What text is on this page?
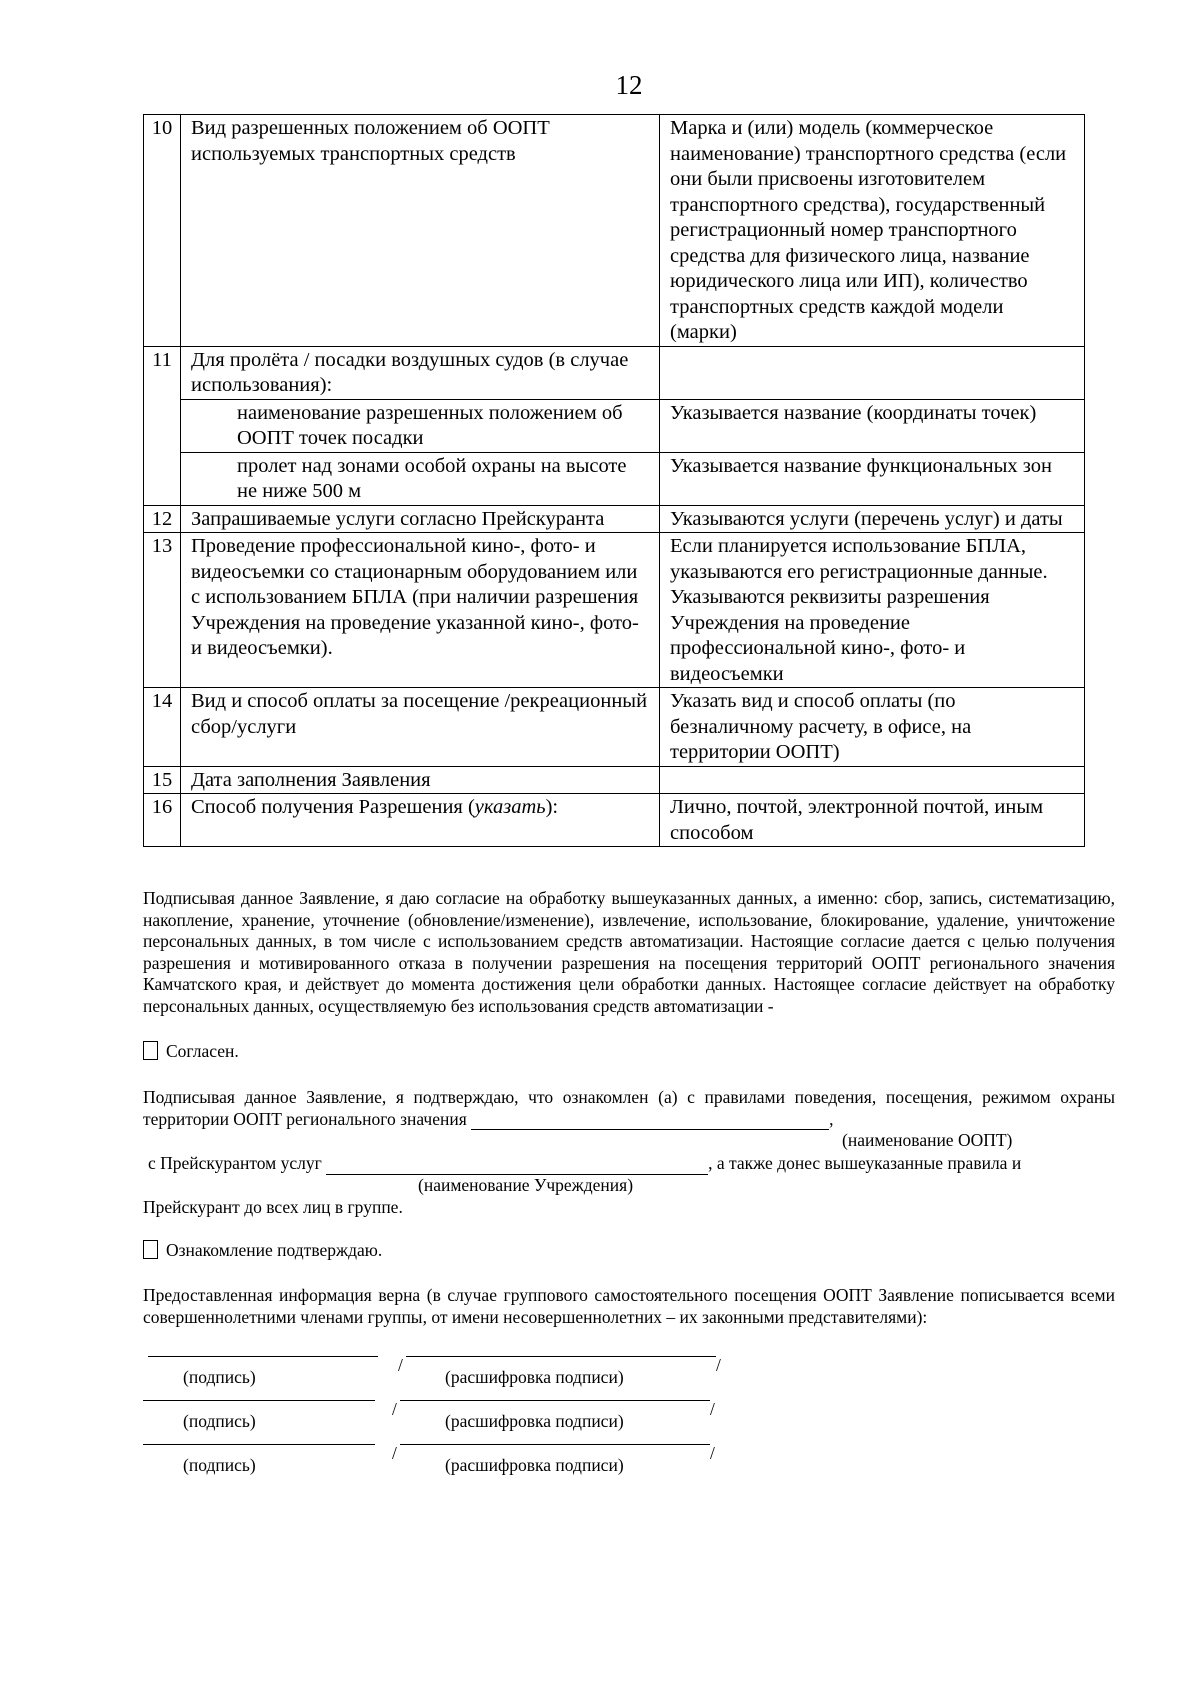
12
10	Вид разрешенных положением об ООПТ используемых транспортных средств	Марка и (или) модель (коммерческое наименование) транспортного средства (если они были присвоены изготовителем транспортного средства), государственный регистрационный номер транспортного средства для физического лица, название юридического лица или ИП), количество транспортных средств каждой модели (марки)
11	Для пролёта / посадки воздушных судов (в случае использования):	
	наименование разрешенных положением об ООПТ точек посадки	Указывается название (координаты точек)
	пролет над зонами особой охраны на высоте не ниже 500 м	Указывается название функциональных зон
12	Запрашиваемые услуги согласно Прейскуранта	Указываются услуги (перечень услуг) и даты
13	Проведение профессиональной кино-, фото- и видеосъемки со стационарным оборудованием или с использованием БПЛА (при наличии разрешения Учреждения на проведение указанной кино-, фото- и видеосъемки).	Если планируется использование БПЛА, указываются его регистрационные данные. Указываются реквизиты разрешения Учреждения на проведение профессиональной кино-, фото- и видеосъемки
14	Вид и способ оплаты за посещение /рекреационный сбор/услуги	Указать вид и способ оплаты (по безналичному расчету, в офисе, на территории ООПТ)
15	Дата заполнения Заявления	
16	Способ получения Разрешения (указать):	Лично, почтой, электронной почтой, иным способом
Подписывая данное Заявление, я даю согласие на обработку вышеуказанных данных, а именно: сбор, запись, систематизацию, накопление, хранение, уточнение (обновление/изменение), извлечение, использование, блокирование, удаление, уничтожение персональных данных, в том числе с использованием средств автоматизации. Настоящие согласие дается с целью получения разрешения и мотивированного отказа в получении разрешения на посещения территорий ООПТ регионального значения Камчатского края, и действует до момента достижения цели обработки данных. Настоящее согласие действует на обработку персональных данных, осуществляемую без использования средств автоматизации -
Согласен.
Подписывая данное Заявление, я подтверждаю, что ознакомлен (а) с правилами поведения, посещения, режимом охраны территории ООПТ регионального значения	,
(наименование ООПТ)
с Прейскурантом услуг	, а также донес вышеуказанные правила и
(наименование Учреждения)
Прейскурант до всех лиц в группе.
Ознакомление подтверждаю.
Предоставленная информация верна (в случае группового самостоятельного посещения ООПТ Заявление пописывается всеми совершеннолетними членами группы, от имени несовершеннолетних – их законными представителями):
/	/
(подпись)	(расшифровка подписи)
/	/
(подпись)	(расшифровка подписи)
/	/
(подпись)	(расшифровка подписи)
